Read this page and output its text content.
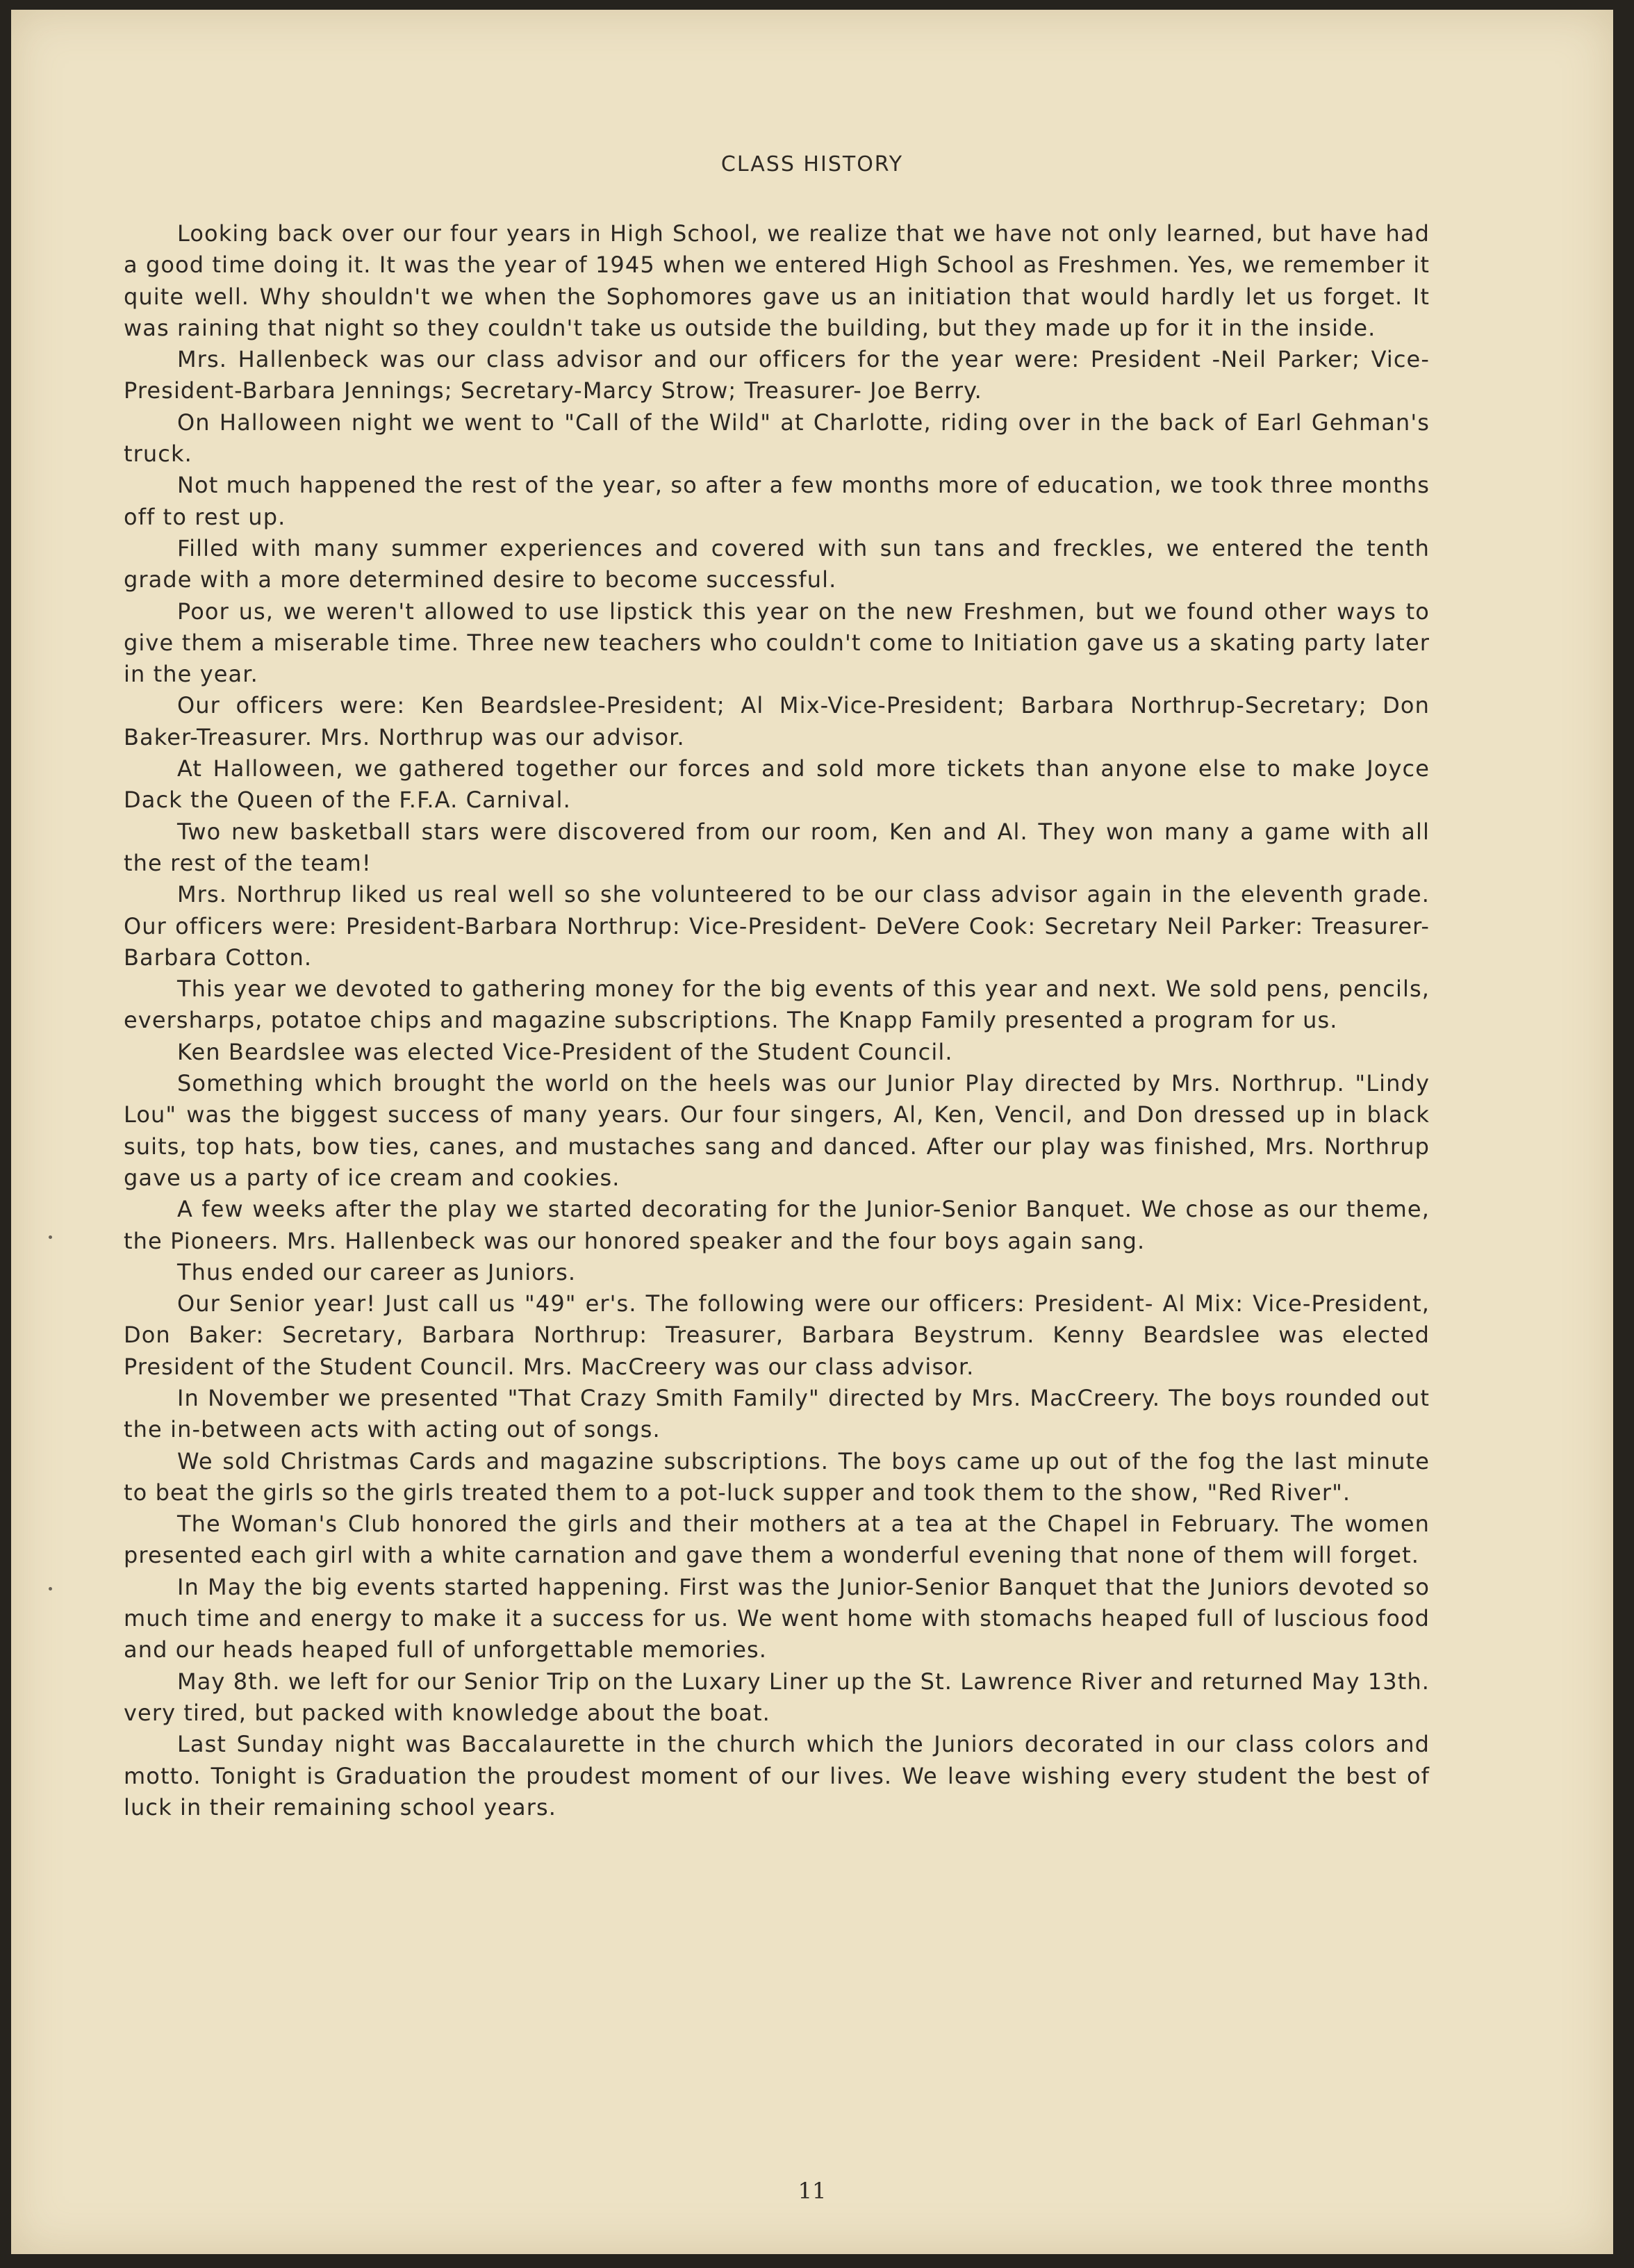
CLASS HISTORY

Looking back over our four years in High School, we realize that we have not only learned, but have had a good time doing it. It was the year of 1945 when we entered High School as Freshmen. Yes, we remember it quite well. Why shouldn't we when the Sophomores gave us an initiation that would hardly let us forget. It was raining that night so they couldn't take us outside the building, but they made up for it in the inside.

Mrs. Hallenbeck was our class advisor and our officers for the year were: President -Neil Parker; Vice-President-Barbara Jennings; Secretary-Marcy Strow; Treasurer- Joe Berry.

On Halloween night we went to "Call of the Wild" at Charlotte, riding over in the back of Earl Gehman's truck.

Not much happened the rest of the year, so after a few months more of education, we took three months off to rest up.

Filled with many summer experiences and covered with sun tans and freckles, we entered the tenth grade with a more determined desire to become successful.

Poor us, we weren't allowed to use lipstick this year on the new Freshmen, but we found other ways to give them a miserable time. Three new teachers who couldn't come to Initiation gave us a skating party later in the year.

Our officers were: Ken Beardslee-President; Al Mix-Vice-President; Barbara Northrup-Secretary; Don Baker-Treasurer. Mrs. Northrup was our advisor.

At Halloween, we gathered together our forces and sold more tickets than anyone else to make Joyce Dack the Queen of the F.F.A. Carnival.

Two new basketball stars were discovered from our room, Ken and Al. They won many a game with all the rest of the team!

Mrs. Northrup liked us real well so she volunteered to be our class advisor again in the eleventh grade. Our officers were: President-Barbara Northrup: Vice-President- DeVere Cook: Secretary Neil Parker: Treasurer-Barbara Cotton.

This year we devoted to gathering money for the big events of this year and next. We sold pens, pencils, eversharps, potatoe chips and magazine subscriptions. The Knapp Family presented a program for us.

Ken Beardslee was elected Vice-President of the Student Council.

Something which brought the world on the heels was our Junior Play directed by Mrs. Northrup. "Lindy Lou" was the biggest success of many years. Our four singers, Al, Ken, Vencil, and Don dressed up in black suits, top hats, bow ties, canes, and mustaches sang and danced. After our play was finished, Mrs. Northrup gave us a party of ice cream and cookies.

A few weeks after the play we started decorating for the Junior-Senior Banquet. We chose as our theme, the Pioneers. Mrs. Hallenbeck was our honored speaker and the four boys again sang.

Thus ended our career as Juniors.

Our Senior year! Just call us "49" er's. The following were our officers: President- Al Mix: Vice-President, Don Baker: Secretary, Barbara Northrup: Treasurer, Barbara Beystrum. Kenny Beardslee was elected President of the Student Council. Mrs. MacCreery was our class advisor.

In November we presented "That Crazy Smith Family" directed by Mrs. MacCreery. The boys rounded out the in-between acts with acting out of songs.

We sold Christmas Cards and magazine subscriptions. The boys came up out of the fog the last minute to beat the girls so the girls treated them to a pot-luck supper and took them to the show, "Red River".

The Woman's Club honored the girls and their mothers at a tea at the Chapel in February. The women presented each girl with a white carnation and gave them a wonderful evening that none of them will forget.

In May the big events started happening. First was the Junior-Senior Banquet that the Juniors devoted so much time and energy to make it a success for us. We went home with stomachs heaped full of luscious food and our heads heaped full of unforgettable memories.

May 8th. we left for our Senior Trip on the Luxary Liner up the St. Lawrence River and returned May 13th. very tired, but packed with knowledge about the boat.

Last Sunday night was Baccalaurette in the church which the Juniors decorated in our class colors and motto. Tonight is Graduation the proudest moment of our lives. We leave wishing every student the best of luck in their remaining school years.

11
